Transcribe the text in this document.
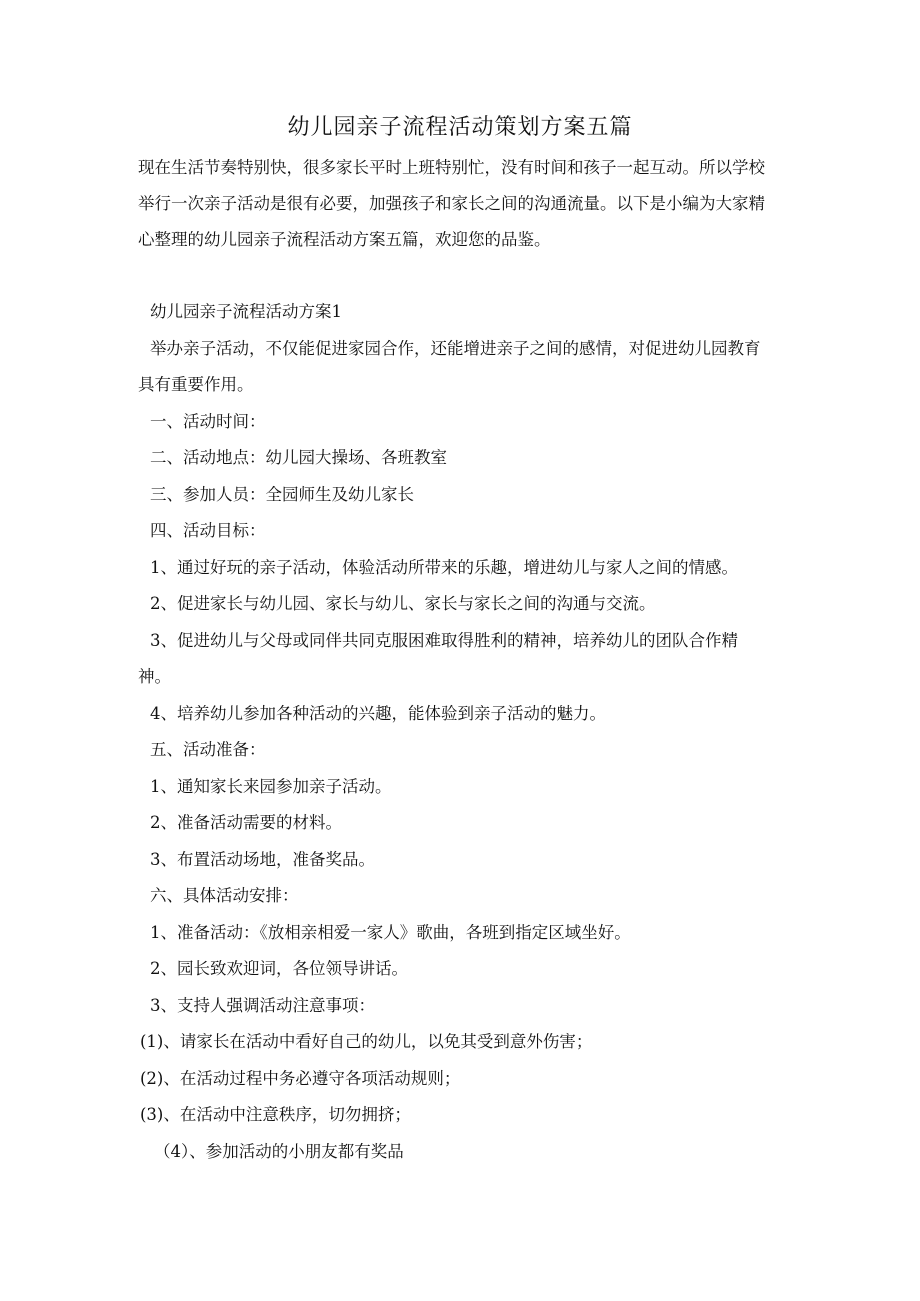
幼儿园亲子流程活动策划方案五篇

现在生活节奏特别快，很多家长平时上班特别忙，没有时间和孩子一起互动。所以学校

举行一次亲子活动是很有必要，加强孩子和家长之间的沟通流量。以下是小编为大家精

心整理的幼儿园亲子流程活动方案五篇，欢迎您的品鉴。

幼儿园亲子流程活动方案1

举办亲子活动，不仅能促进家园合作，还能增进亲子之间的感情，对促进幼儿园教育

具有重要作用。

一、活动时间：

二、活动地点：幼儿园大操场、各班教室

三、参加人员：全园师生及幼儿家长

四、活动目标：

1、通过好玩的亲子活动，体验活动所带来的乐趣，增进幼儿与家人之间的情感。

2、促进家长与幼儿园、家长与幼儿、家长与家长之间的沟通与交流。

3、促进幼儿与父母或同伴共同克服困难取得胜利的精神，培养幼儿的团队合作精

神。

4、培养幼儿参加各种活动的兴趣，能体验到亲子活动的魅力。

五、活动准备：

1、通知家长来园参加亲子活动。

2、准备活动需要的材料。

3、布置活动场地，准备奖品。

六、具体活动安排：

1、准备活动：《放相亲相爱一家人》歌曲，各班到指定区域坐好。

2、园长致欢迎词，各位领导讲话。

3、支持人强调活动注意事项：

(1)、请家长在活动中看好自己的幼儿，以免其受到意外伤害；

(2)、在活动过程中务必遵守各项活动规则；

(3)、在活动中注意秩序，切勿拥挤；

（4）、参加活动的小朋友都有奖品
